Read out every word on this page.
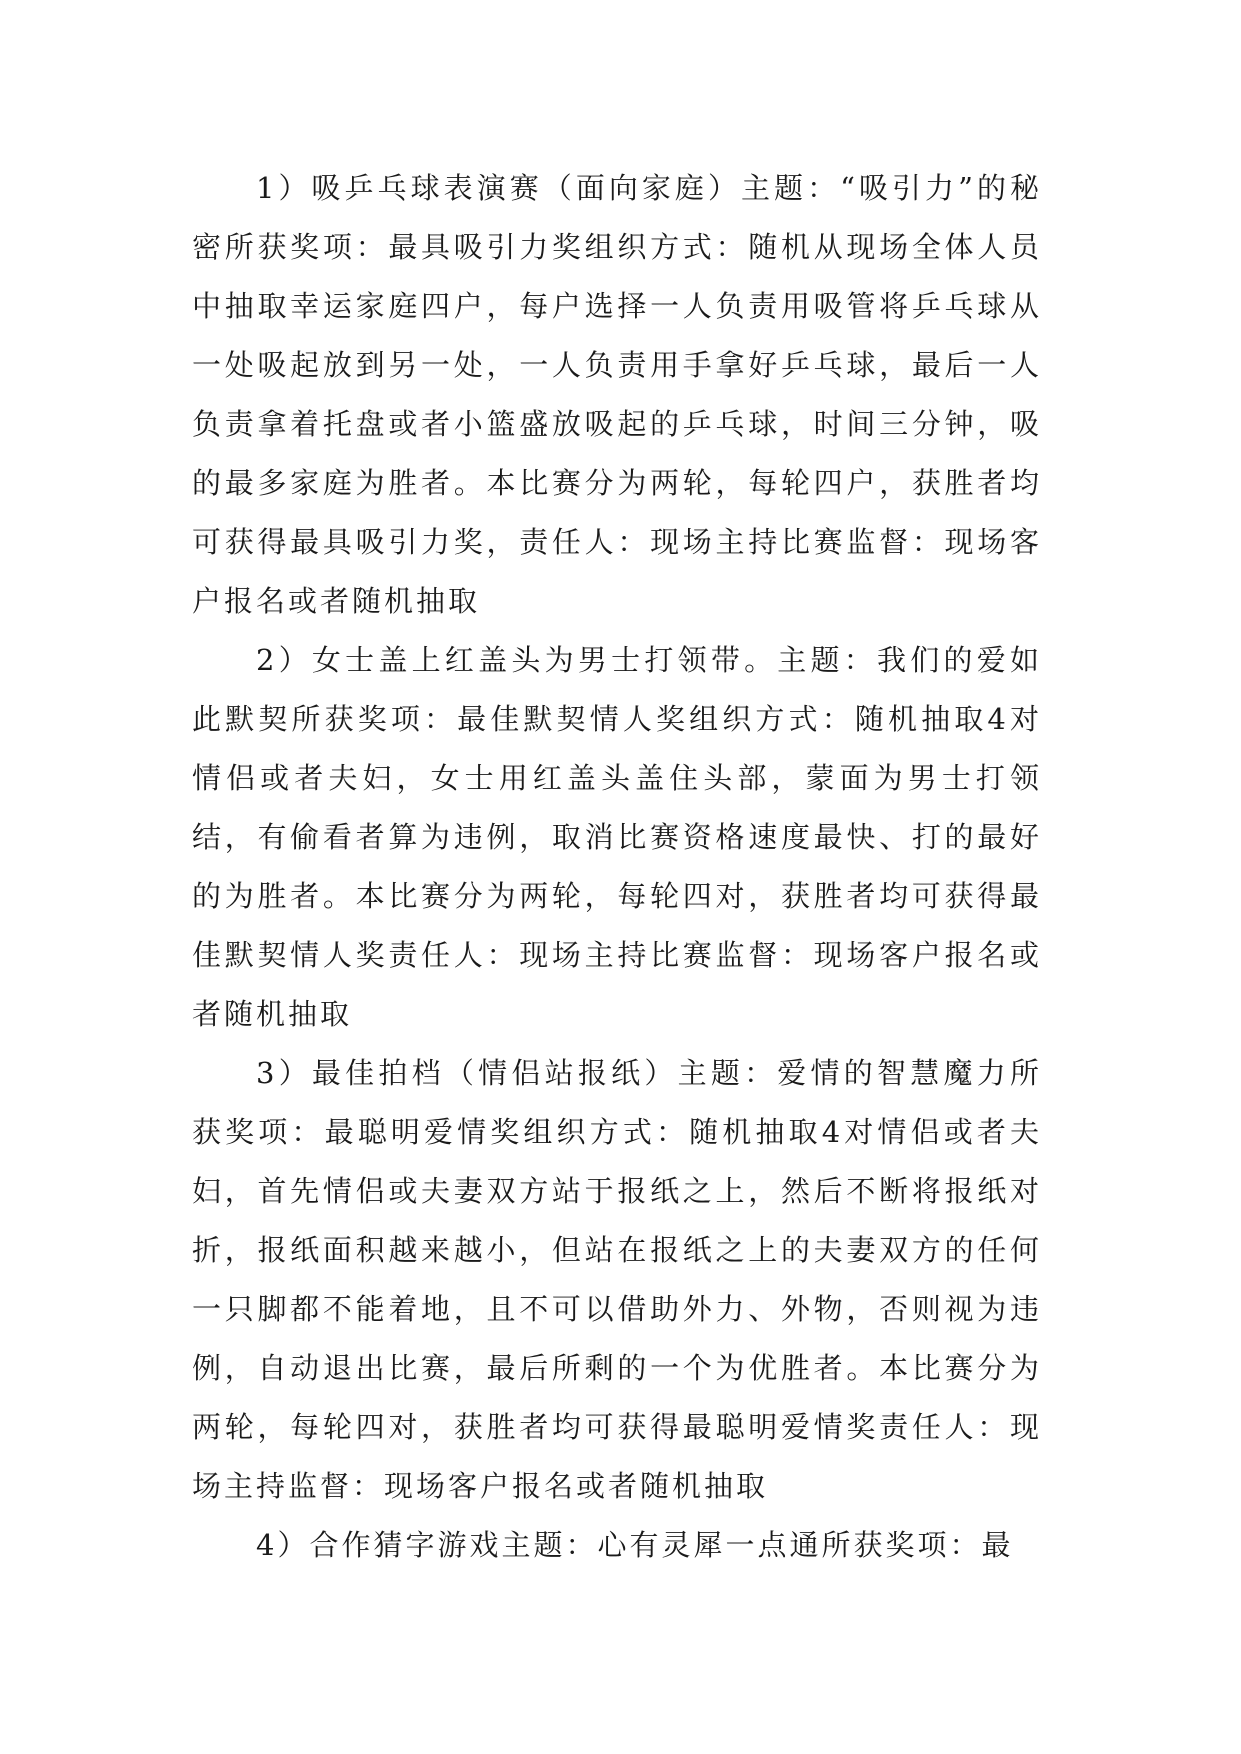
1）吸乒乓球表演赛（面向家庭）主题：“吸引力”的秘密所获奖项：最具吸引力奖组织方式：随机从现场全体人员中抽取幸运家庭四户，每户选择一人负责用吸管将乒乓球从一处吸起放到另一处，一人负责用手拿好乒乓球，最后一人负责拿着托盘或者小篮盛放吸起的乒乓球，时间三分钟，吸的最多家庭为胜者。本比赛分为两轮，每轮四户，获胜者均可获得最具吸引力奖，责任人：现场主持比赛监督：现场客户报名或者随机抽取

2）女士盖上红盖头为男士打领带。主题：我们的爱如此默契所获奖项：最佳默契情人奖组织方式：随机抽取4对情侣或者夫妇，女士用红盖头盖住头部，蒙面为男士打领结，有偷看者算为违例，取消比赛资格速度最快、打的最好的为胜者。本比赛分为两轮，每轮四对，获胜者均可获得最佳默契情人奖责任人：现场主持比赛监督：现场客户报名或者随机抽取

3）最佳拍档（情侣站报纸）主题：爱情的智慧魔力所获奖项：最聪明爱情奖组织方式：随机抽取4对情侣或者夫妇，首先情侣或夫妻双方站于报纸之上，然后不断将报纸对折，报纸面积越来越小，但站在报纸之上的夫妻双方的任何一只脚都不能着地，且不可以借助外力、外物，否则视为违例，自动退出比赛，最后所剩的一个为优胜者。本比赛分为两轮，每轮四对，获胜者均可获得最聪明爱情奖责任人：现场主持监督：现场客户报名或者随机抽取

4）合作猜字游戏主题：心有灵犀一点通所获奖项：最
